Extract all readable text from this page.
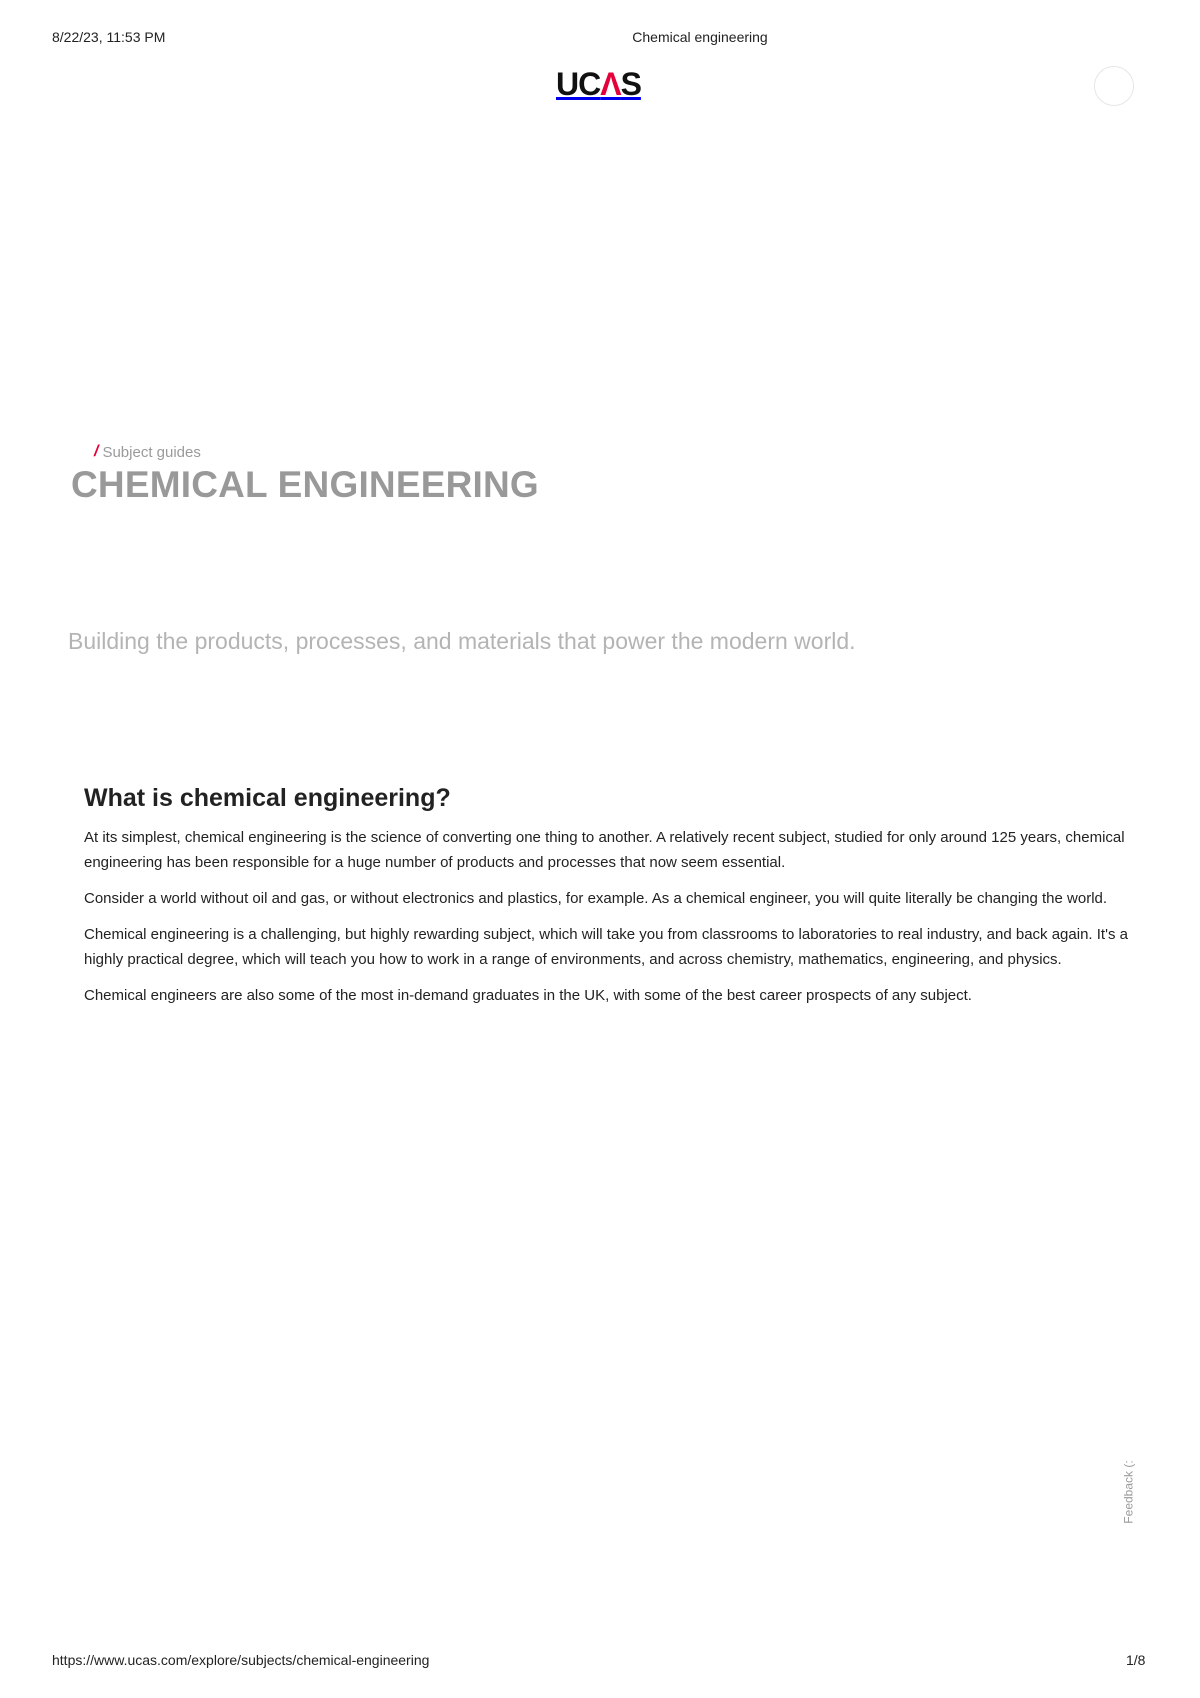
8/22/23, 11:53 PM	Chemical engineering
UCΛS
/ Subject guides
CHEMICAL ENGINEERING

Building the products, processes, and materials that power the modern world.

What is chemical engineering?

At its simplest, chemical engineering is the science of converting one thing to another. A relatively recent subject, studied for only around 125 years, chemical engineering has been responsible for a huge number of products and processes that now seem essential.

Consider a world without oil and gas, or without electronics and plastics, for example. As a chemical engineer, you will quite literally be changing the world.

Chemical engineering is a challenging, but highly rewarding subject, which will take you from classrooms to laboratories to real industry, and back again. It's a highly practical degree, which will teach you how to work in a range of environments, and across chemistry, mathematics, engineering, and physics.

Chemical engineers are also some of the most in-demand graduates in the UK, with some of the best career prospects of any subject.

Feedback (:
https://www.ucas.com/explore/subjects/chemical-engineering	1/8
